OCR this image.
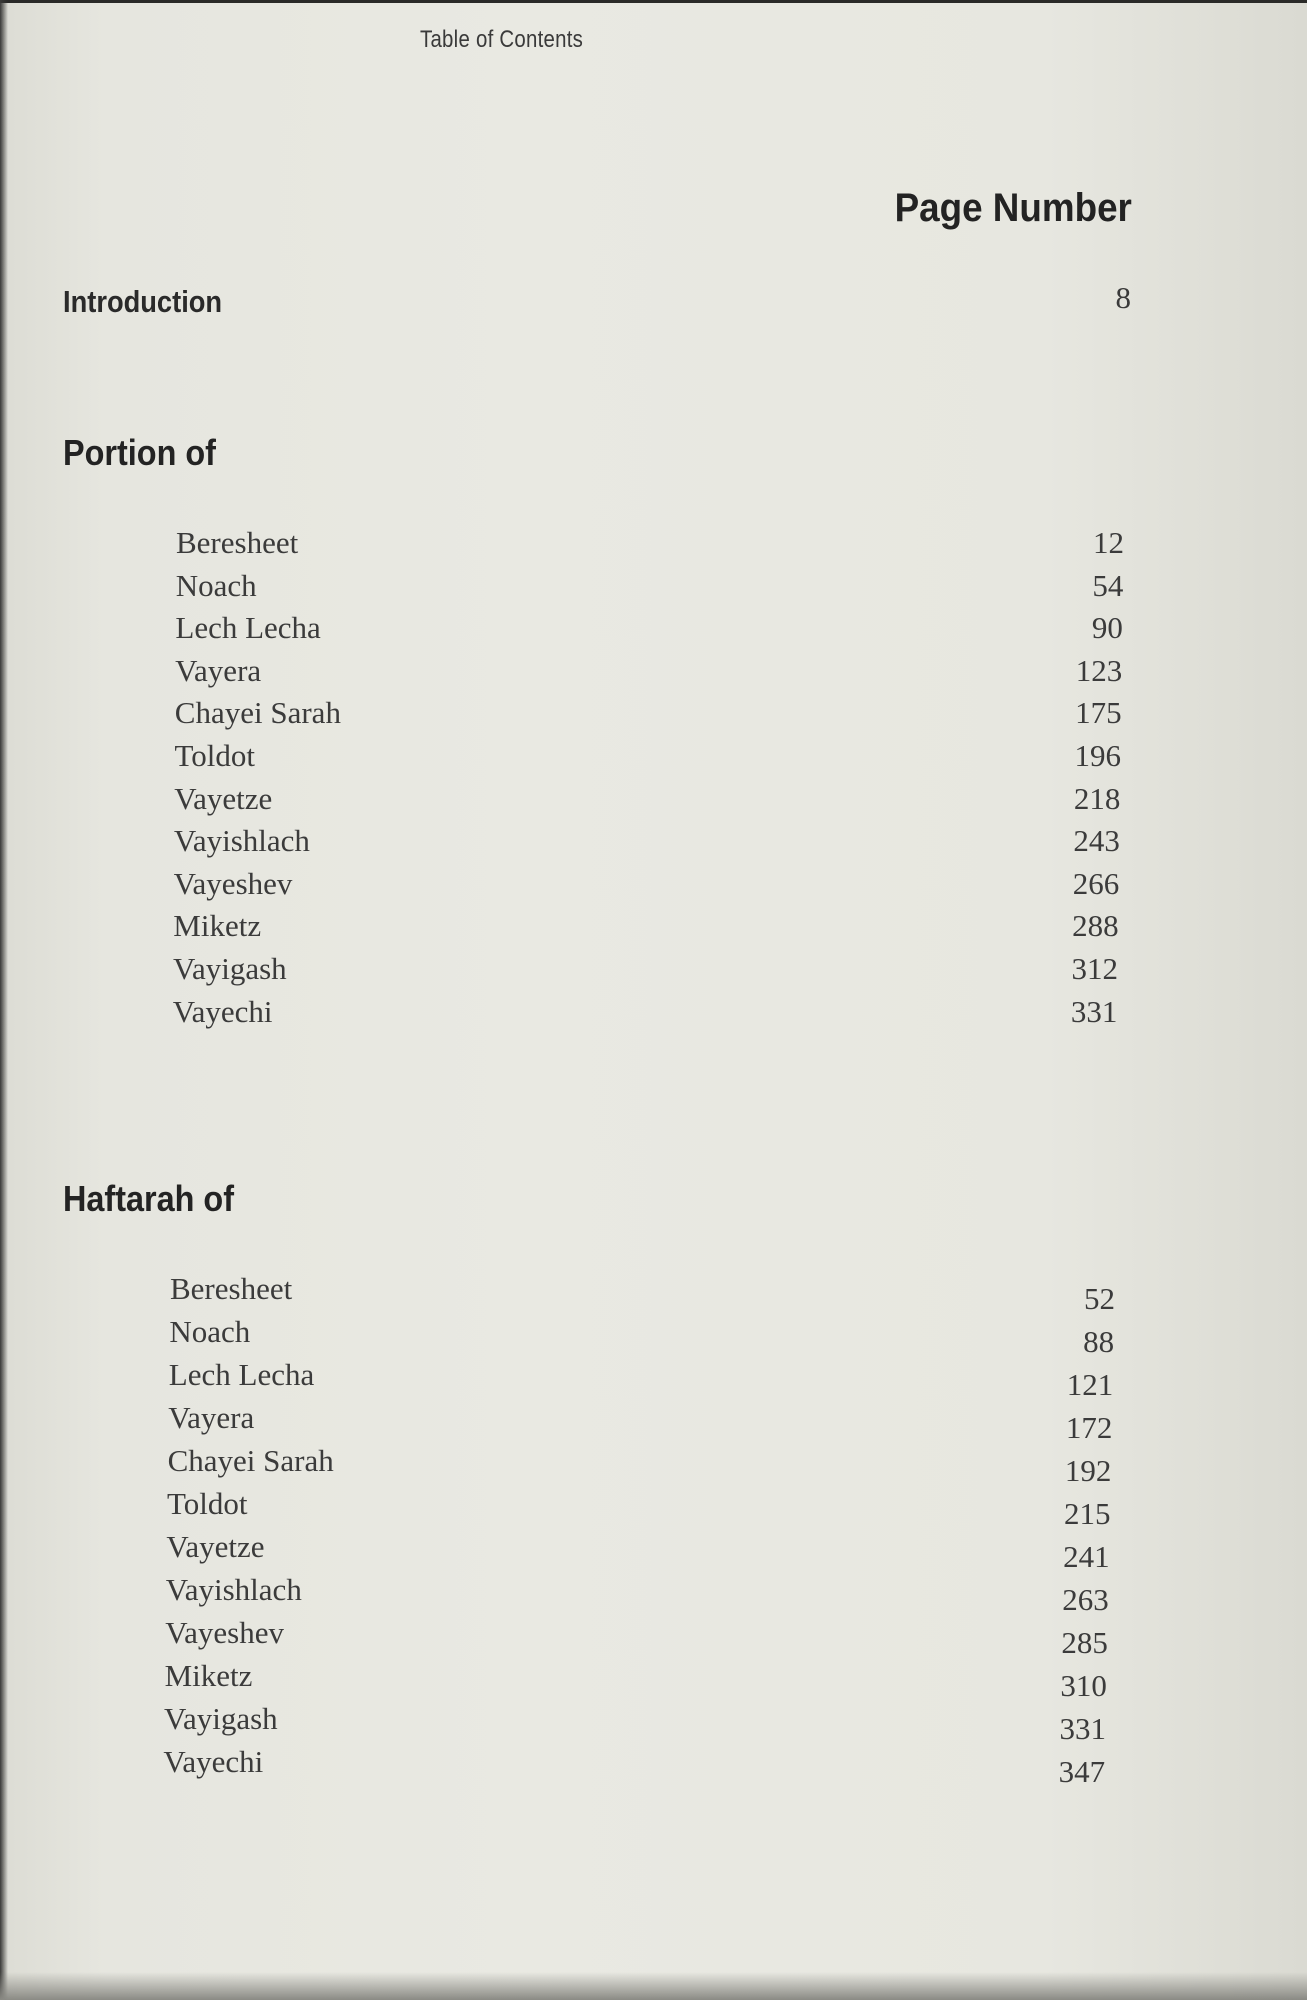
Table of Contents
Page Number
Introduction	8
Portion of
Beresheet	12
Noach	54
Lech Lecha	90
Vayera	123
Chayei Sarah	175
Toldot	196
Vayetze	218
Vayishlach	243
Vayeshev	266
Miketz	288
Vayigash	312
Vayechi	331
Haftarah of
Beresheet	52
Noach	88
Lech Lecha	121
Vayera	172
Chayei Sarah	192
Toldot	215
Vayetze	241
Vayishlach	263
Vayeshev	285
Miketz	310
Vayigash	331
Vayechi	347
